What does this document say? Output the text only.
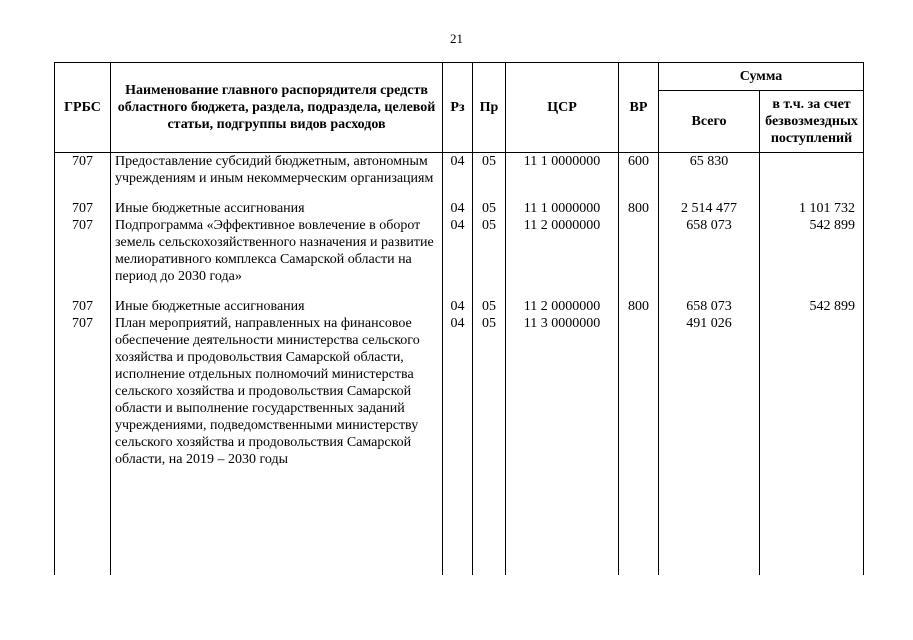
21
ГРБС	Наименование главного распорядителя средств областного бюджета, раздела, подраздела, целевой статьи, подгруппы видов расходов	Рз	Пр	ЦСР	ВР	Сумма	
						Всего	в т.ч. за счет безвозмездных поступлений
707	Предоставление субсидий бюджетным, автономным учреждениям и иным некоммерческим организациям	04	05	11 1 0000000	600	65 830	
707	Иные бюджетные ассигнования	04	05	11 1 0000000	800	2 514 477	1 101 732
707	Подпрограмма «Эффективное вовлечение в оборот земель сельскохозяйственного назначения и развитие мелиоративного комплекса Самарской области на период до 2030 года»	04	05	11 2 0000000		658 073	542 899
707	Иные бюджетные ассигнования	04	05	11 2 0000000	800	658 073	542 899
707	План мероприятий, направленных на финансовое обеспечение деятельности министерства сельского хозяйства и продовольствия Самарской области, исполнение отдельных полномочий министерства сельского хозяйства и продовольствия Самарской области и выполнение государственных заданий учреждениями, подведомственными министерству сельского хозяйства и продовольствия Самарской области, на 2019 – 2030 годы	04	05	11 3 0000000		491 026	
